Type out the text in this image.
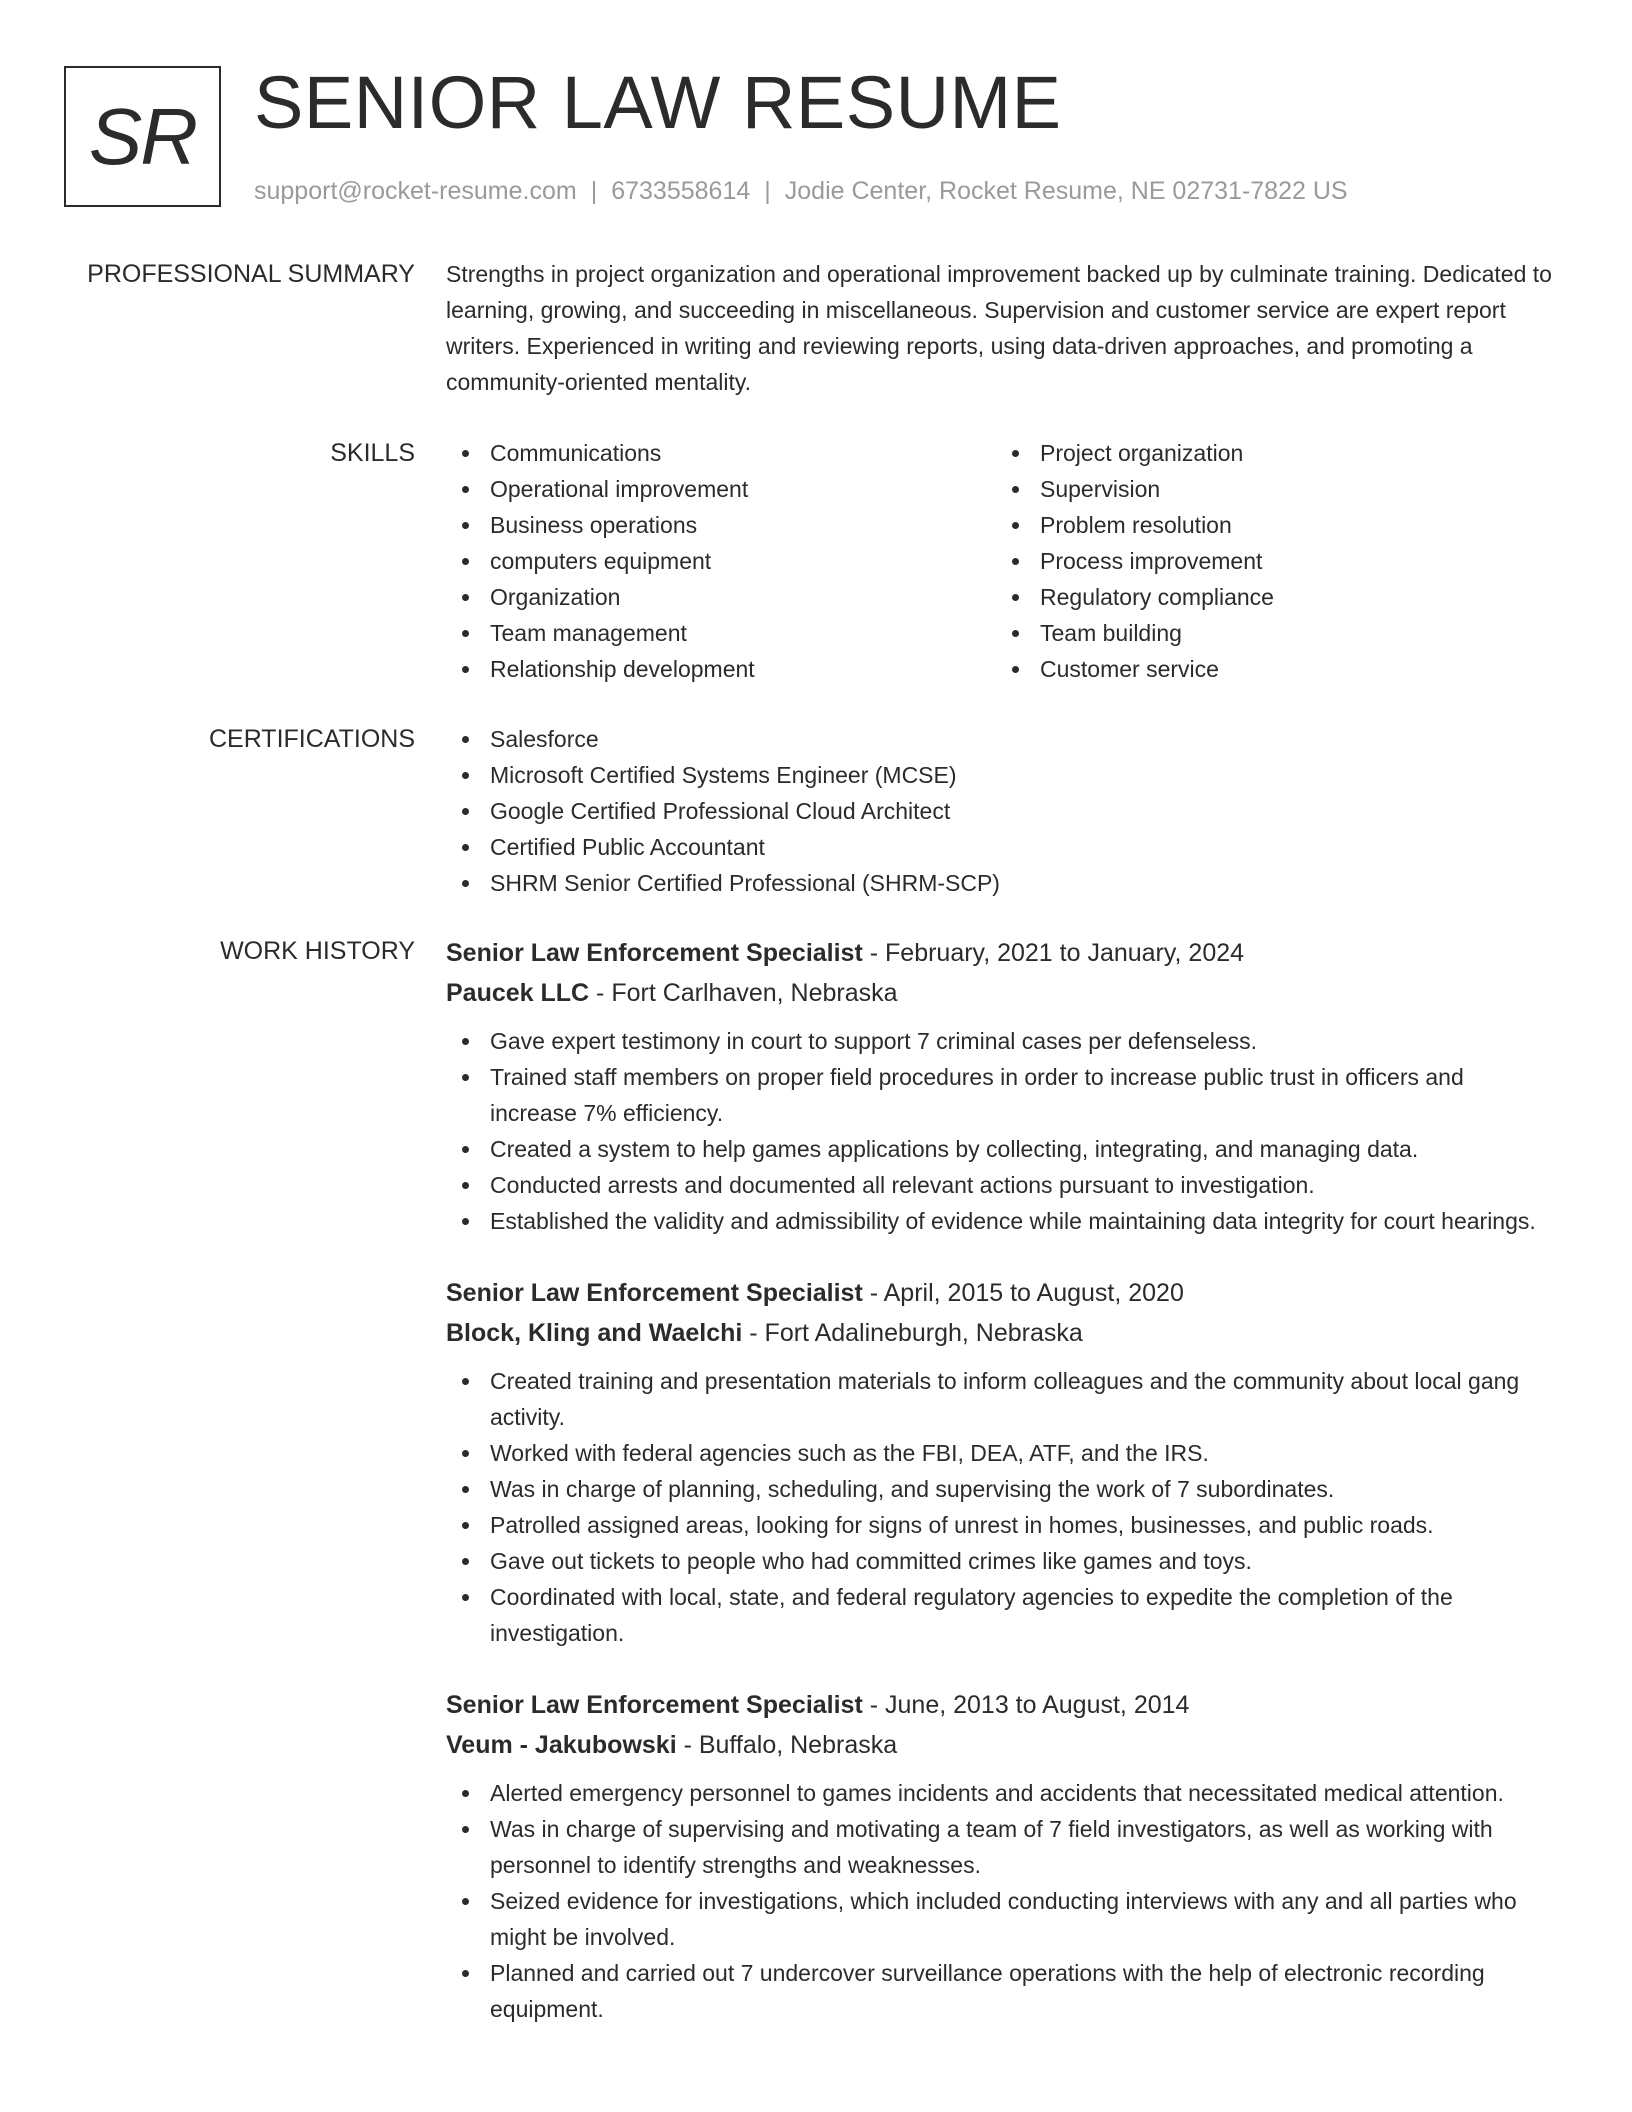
SR SENIOR LAW RESUME
support@rocket-resume.com | 6733558614 | Jodie Center, Rocket Resume, NE 02731-7822 US
PROFESSIONAL SUMMARY Strengths in project organization and operational improvement backed up by culminate training. Dedicated to learning, growing, and succeeding in miscellaneous. Supervision and customer service are expert report writers. Experienced in writing and reviewing reports, using data-driven approaches, and promoting a community-oriented mentality.

SKILLS	Communications
Operational improvement
Business operations
computers equipment
Organization
Team management
Relationship development
Project organization
Supervision
Problem resolution
Process improvement
Regulatory compliance
Team building
Customer service
CERTIFICATIONS	Salesforce
Microsoft Certified Systems Engineer (MCSE)
Google Certified Professional Cloud Architect
Certified Public Accountant
SHRM Senior Certified Professional (SHRM-SCP)
WORK HISTORY Senior Law Enforcement Specialist - February, 2021 to January, 2024
Paucek LLC - Fort Carlhaven, Nebraska
Gave expert testimony in court to support 7 criminal cases per defenseless.
Trained staff members on proper field procedures in order to increase public trust in officers and increase 7% efficiency.
Created a system to help games applications by collecting, integrating, and managing data.
Conducted arrests and documented all relevant actions pursuant to investigation.
Established the validity and admissibility of evidence while maintaining data integrity for court hearings.
Senior Law Enforcement Specialist - April, 2015 to August, 2020
Block, Kling and Waelchi - Fort Adalineburgh, Nebraska
Created training and presentation materials to inform colleagues and the community about local gang activity.
Worked with federal agencies such as the FBI, DEA, ATF, and the IRS.
Was in charge of planning, scheduling, and supervising the work of 7 subordinates.
Patrolled assigned areas, looking for signs of unrest in homes, businesses, and public roads.
Gave out tickets to people who had committed crimes like games and toys.
Coordinated with local, state, and federal regulatory agencies to expedite the completion of the investigation.
Senior Law Enforcement Specialist - June, 2013 to August, 2014
Veum - Jakubowski - Buffalo, Nebraska
Alerted emergency personnel to games incidents and accidents that necessitated medical attention.
Was in charge of supervising and motivating a team of 7 field investigators, as well as working with personnel to identify strengths and weaknesses.
Seized evidence for investigations, which included conducting interviews with any and all parties who might be involved.
Planned and carried out 7 undercover surveillance operations with the help of electronic recording equipment.
